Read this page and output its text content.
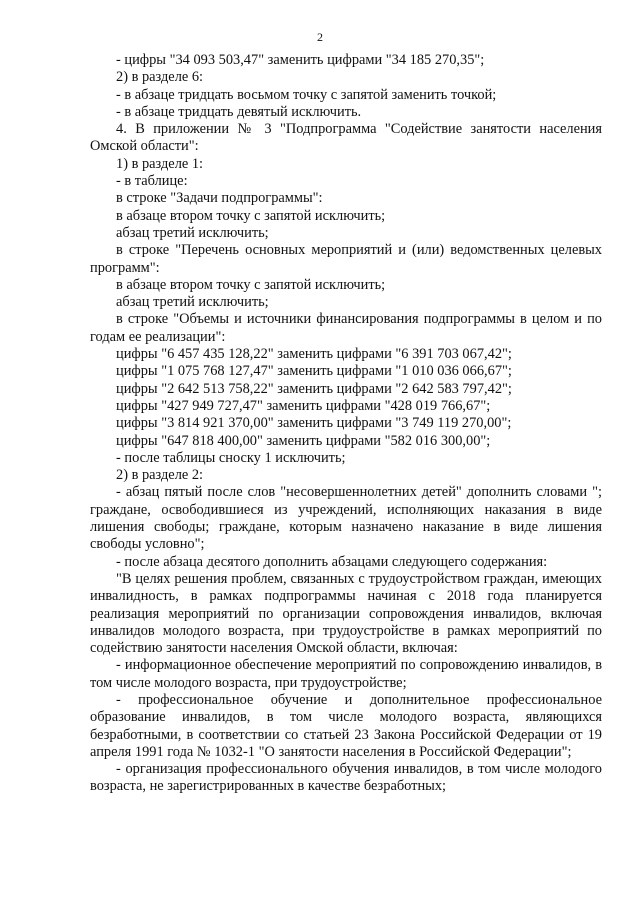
2

- цифры "34 093 503,47" заменить цифрами "34 185 270,35";

2) в разделе 6:

- в абзаце тридцать восьмом точку с запятой заменить точкой;

- в абзаце тридцать девятый исключить.

4. В приложении № 3 "Подпрограмма "Содействие занятости населения Омской области":

1) в разделе 1:

- в таблице:

в строке "Задачи подпрограммы":

в абзаце втором точку с запятой исключить;

абзац третий исключить;

в строке "Перечень основных мероприятий и (или) ведомственных целевых программ":

в абзаце втором точку с запятой исключить;

абзац третий исключить;

в строке "Объемы и источники финансирования подпрограммы в целом и по годам ее реализации":

цифры "6 457 435 128,22" заменить цифрами "6 391 703 067,42";

цифры "1 075 768 127,47" заменить цифрами "1 010 036 066,67";

цифры "2 642 513 758,22" заменить цифрами "2 642 583 797,42";

цифры "427 949 727,47" заменить цифрами "428 019 766,67";

цифры "3 814 921 370,00" заменить цифрами "3 749 119 270,00";

цифры "647 818 400,00" заменить цифрами "582 016 300,00";

- после таблицы сноску 1 исключить;

2) в разделе 2:

- абзац пятый после слов "несовершеннолетних детей" дополнить словами "; граждане, освободившиеся из учреждений, исполняющих наказания в виде лишения свободы; граждане, которым назначено наказание в виде лишения свободы условно";

- после абзаца десятого дополнить абзацами следующего содержания:

"В целях решения проблем, связанных с трудоустройством граждан, имеющих инвалидность, в рамках подпрограммы начиная с 2018 года планируется реализация мероприятий по организации сопровождения инвалидов, включая инвалидов молодого возраста, при трудоустройстве в рамках мероприятий по содействию занятости населения Омской области, включая:

- информационное обеспечение мероприятий по сопровождению инвалидов, в том числе молодого возраста, при трудоустройстве;

- профессиональное обучение и дополнительное профессиональное образование инвалидов, в том числе молодого возраста, являющихся безработными, в соответствии со статьей 23 Закона Российской Федерации от 19 апреля 1991 года № 1032-1 "О занятости населения в Российской Федерации";

- организация профессионального обучения инвалидов, в том числе молодого возраста, не зарегистрированных в качестве безработных;
